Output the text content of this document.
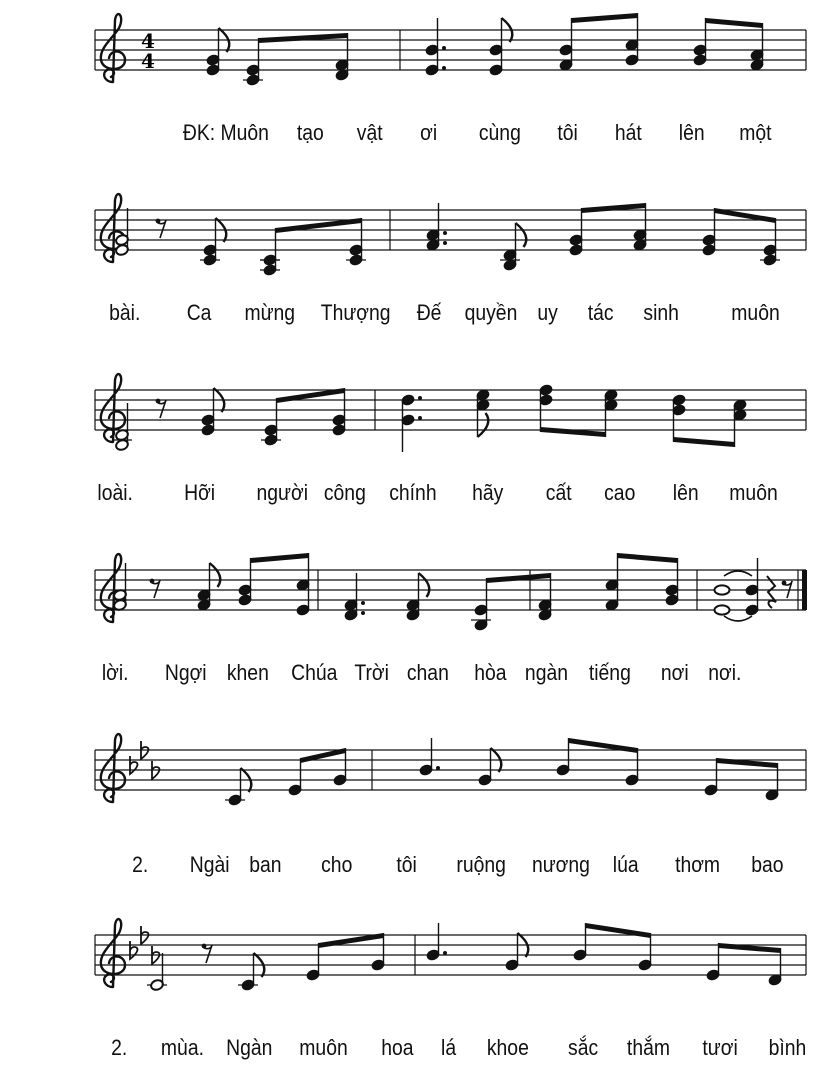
4
4
ĐK: Muôn tạo vật ơi cùng tôi hát lên một
bài. Ca mừng Thượng Đế quyền uy tác sinh muôn
loài. Hỡi người công chính hãy cất cao lên muôn
lời. Ngợi khen Chúa Trời chan hòa ngàn tiếng nơi nơi.
2. Ngài ban cho tôi ruộng nương lúa thơm bao
2. mùa. Ngàn muôn hoa lá khoe sắc thắm tươi bình
